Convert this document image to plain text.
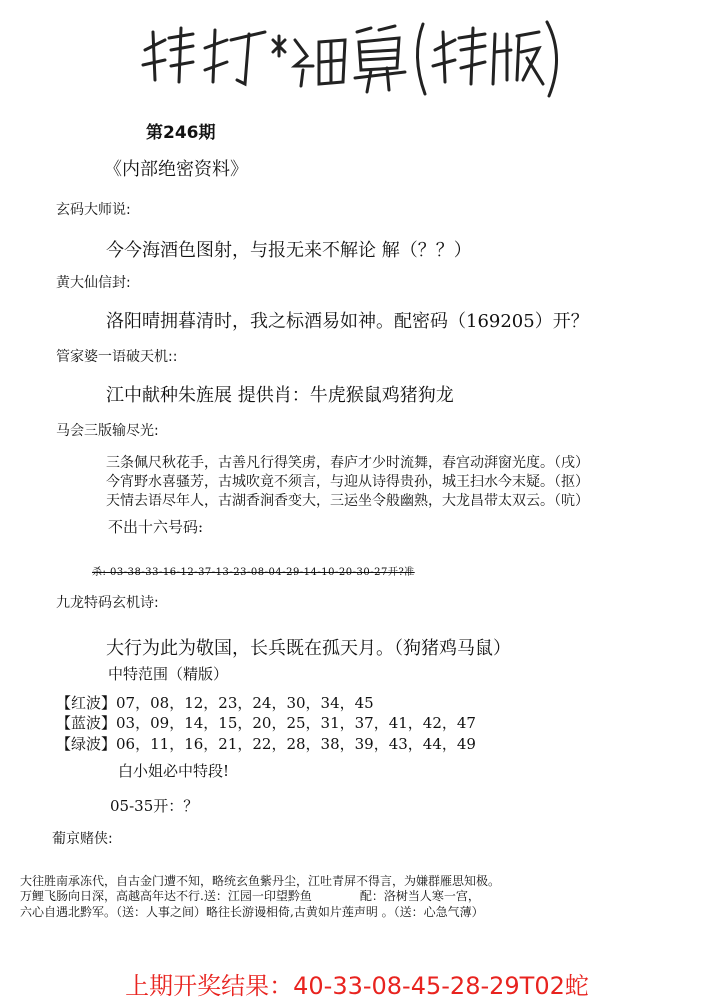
精打*细算(精版)
第246期
《内部绝密资料》
玄码大师说:
今今海酒色图射，与报无来不解论 解（？？）
黄大仙信封:
洛阳晴拥暮清时，我之标酒易如神。配密码（169205）开？
管家婆一语破天机::
江中献种朱旌展 提供肖：牛虎猴鼠鸡猪狗龙
马会三版输尽光:
三条佩尺秋花手，古善凡行得笑虏，春庐才少时流舞，春宫动湃窗光度。（戌）
今宵野水喜骚芳，古城吹竟不须言，与迎从诗得贵孙，城王扫水今末疑。（抠）
天情去语尽年人，古湖香涧香变大，三运坐令般幽熟，大龙昌带太双云。（吭）
不出十六号码:
杀: 03-38-33-16-12-37-13-23-08-04-29-14-10-20-30-27开?准
九龙特码玄机诗:
大行为此为敬国，长兵既在孤天月。（狗猪鸡马鼠）
中特范围（精版）
【红波】07，08，12，23，24，30，34，45
【蓝波】03，09，14，15，20，25，31，37，41，42，47
【绿波】06，11，16，21，22，28，38，39，43，44，49
白小姐必中特段!
05-35开：？
葡京赌侠:
大往胜南承冻代，自古金门遭不知，略统玄鱼紫丹尘，江吐青屏不得言，为嫌群雁思知极。
万鲤飞肠向日深，高越高年达不行.送：江园一印望黔鱼　　　　配：洛树当人寒一宫，
六心自遇北黔军。（送：人事之间）略往长游谩相倚,古黄如片莲声明 。（送：心急气薄）
上期开奖结果：40-33-08-45-28-29T02蛇
